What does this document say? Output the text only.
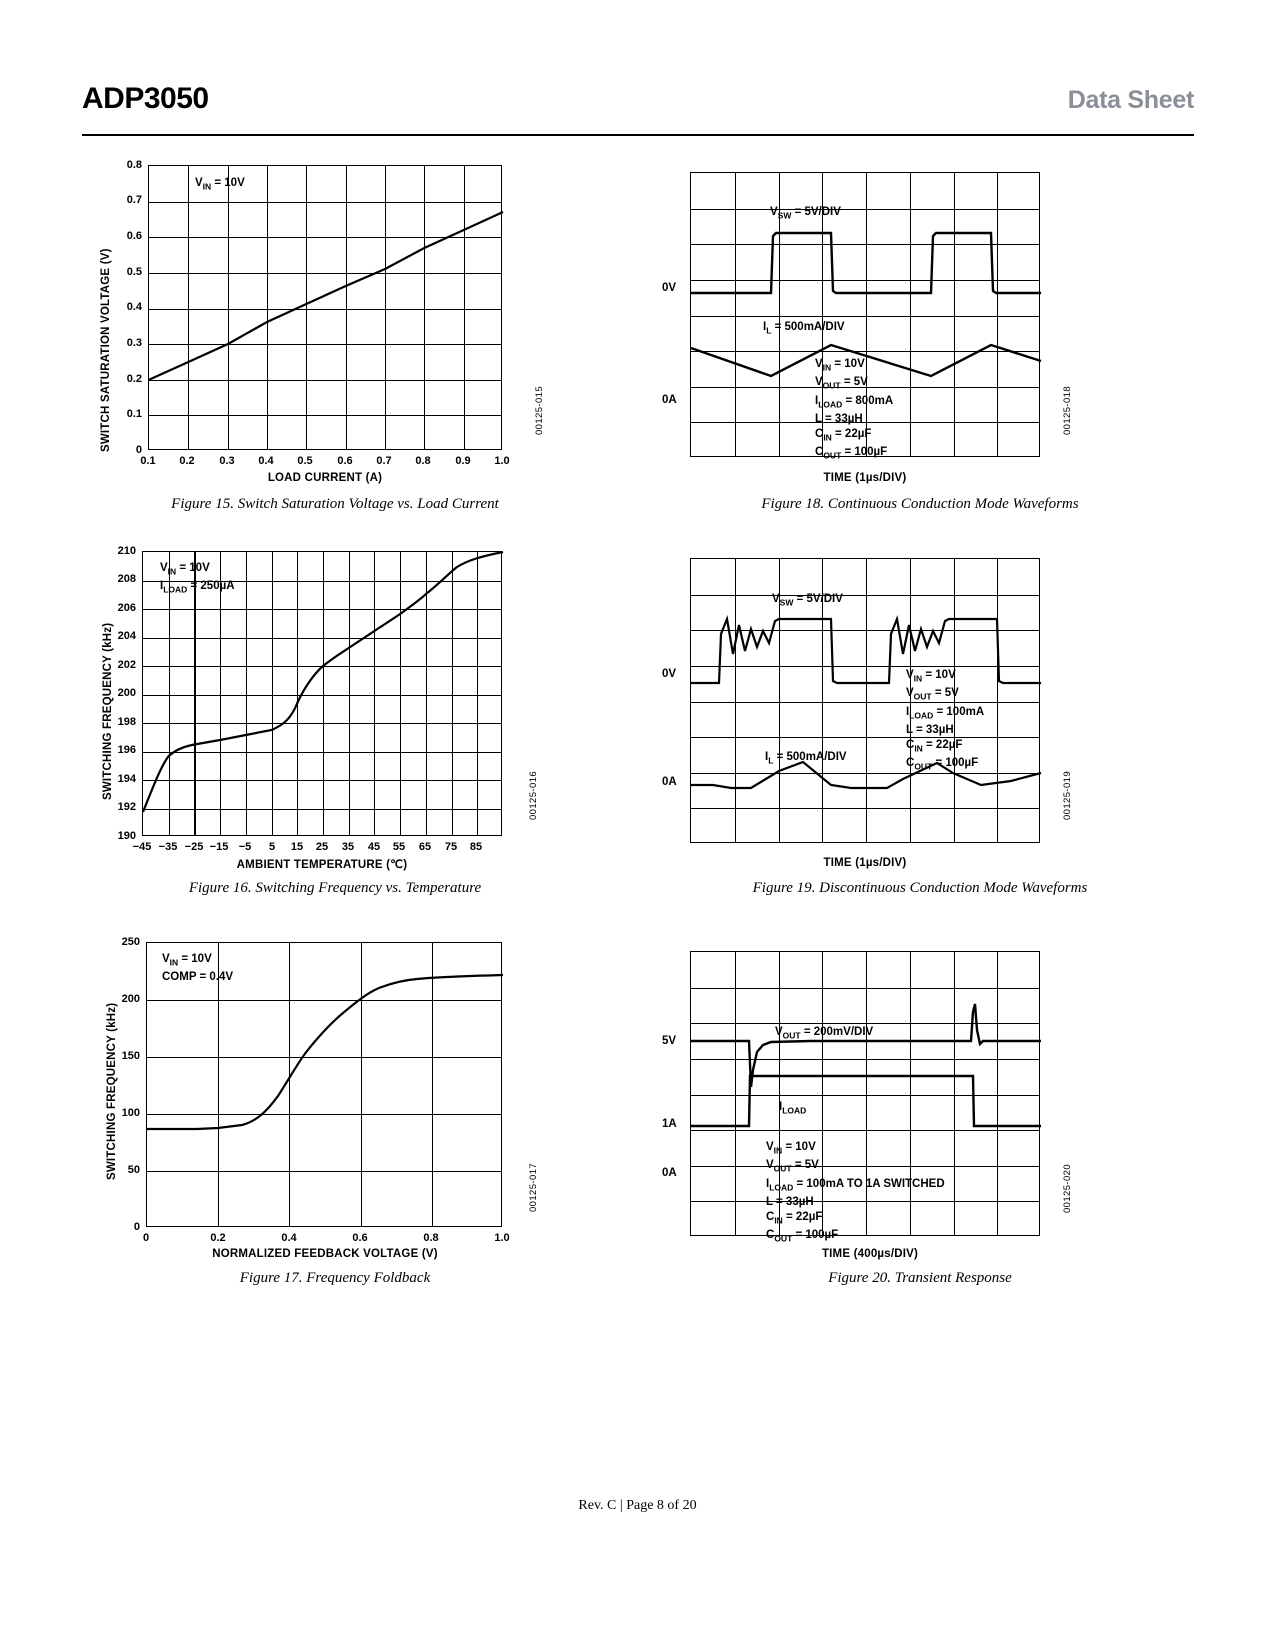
ADP3050	Data Sheet
SWITCH SATURATION VOLTAGE (V)
0.8
0.7
0.6
0.5
0.4
0.3
0.2
0.1
0
0.1	0.2	0.3	0.4	0.5	0.6	0.7	0.8	0.9	1.0
LOAD CURRENT (A)
$V_{IN} = 10V$
00125-015
Figure 15. Switch Saturation Voltage vs. Load Current
SWITCHING FREQUENCY (kHz)
210
208
206
204
202
200
198
196
194
192
190
−45 −35 −25 −15 −5	5	15	25	35	45	55	65	75	85
AMBIENT TEMPERATURE (℃)
$V_{IN} = 10V$
$I_{LOAD} = 250\mu A$
00125-016
Figure 16. Switching Frequency vs. Temperature
SWITCHING FREQUENCY (kHz)
250
200
150
100
50
0
0	0.2	0.4	0.6	0.8	1.0
NORMALIZED FEEDBACK VOLTAGE (V)
$V_{IN} = 10V$
COMP = 0.4V
00125-017
Figure 17. Frequency Foldback
0V
0A
$V_{SW} = 5V/DIV$
$I_L = 500mA/DIV$
$V_{IN} = 10V$
$V_{OUT} = 5V$
$I_{LOAD} = 800mA$
L = 33µH
$C_{IN} = 22\mu F$
$C_{OUT} = 100\mu F$
TIME (1µs/DIV)
00125-018
Figure 18. Continuous Conduction Mode Waveforms
0V
0A
$V_{SW} = 5V/DIV$
$I_L = 500mA/DIV$
$V_{IN} = 10V$
$V_{OUT} = 5V$
$I_{LOAD} = 100mA$
L = 33µH
$C_{IN} = 22\mu F$
$C_{OUT} = 100\mu F$
TIME (1µs/DIV)
00125-019
Figure 19. Discontinuous Conduction Mode Waveforms
5V
1A
0A
$V_{OUT} = 200mV/DIV$
$I_{LOAD}$
$V_{IN} = 10V$
$V_{OUT} = 5V$
$I_{LOAD} = 100mA$ TO 1A SWITCHED
L = 33µH
$C_{IN} = 22\mu F$
$C_{OUT} = 100\mu F$
TIME (400µs/DIV)
00125-020
Figure 20. Transient Response
Rev. C | Page 8 of 20
